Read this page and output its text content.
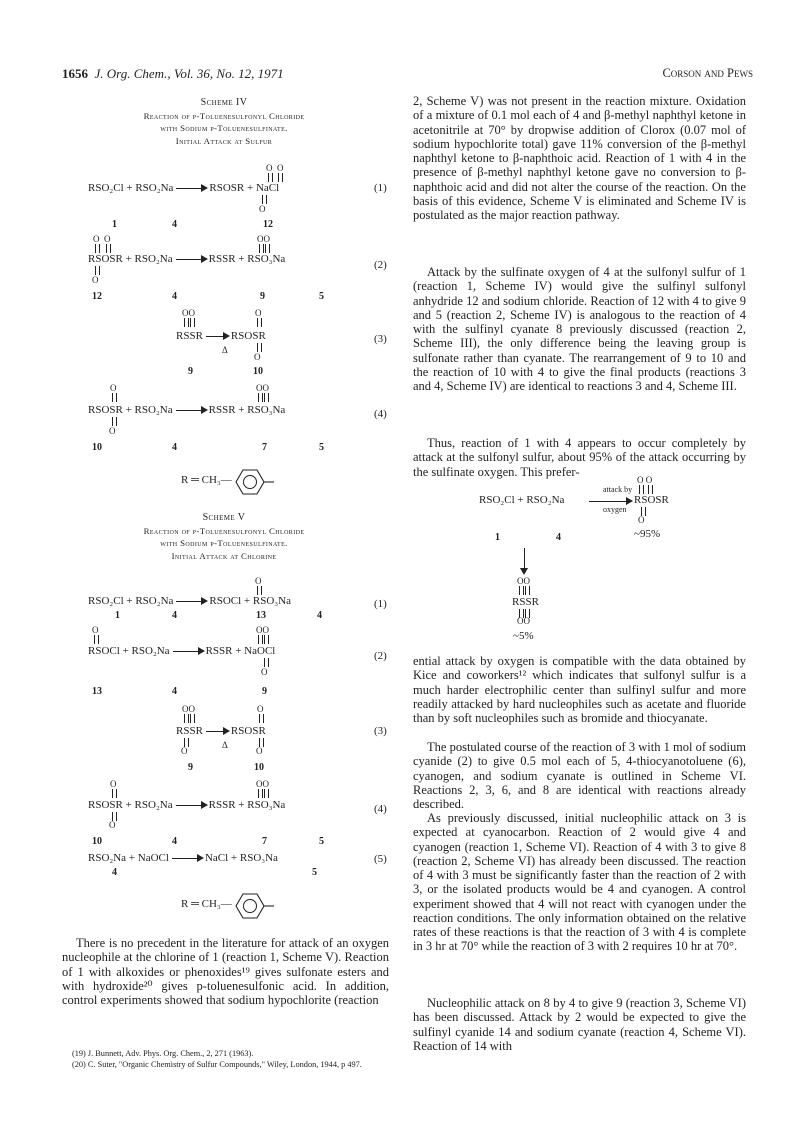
1656 J. Org. Chem., Vol. 36, No. 12, 1971	Corson and Pews
Scheme IV
Reaction of p-Toluenesulfonyl Chloride
with Sodium p-Toluenesulfinate.
Initial Attack at Sulfur
O  O
RSO₂Cl + RSO₂Na	RSOSR + NaCl
O
(1)
1	4	12
O  O	OO
RSOSR + RSO₂Na	RSSR + RSO₃Na
O
(2)
12	4	9	5
OO	O
RSSR	RSOSR
Δ
O
(3)
9	10
O	OO
RSOSR + RSO₂Na	RSSR + RSO₃Na
O
(4)
10	4	7	5
R ═ CH₃—
Scheme V
Reaction of p-Toluenesulfonyl Chloride
with Sodium p-Toluenesulfinate.
Initial Attack at Chlorine
O
RSO₂Cl + RSO₂Na	RSOCl + RSO₃Na	(1)
1	4	13	4
O	OO
RSOCl + RSO₂Na	RSSR + NaOCl
O
(2)
13	4	9
OO	O
RSSR	RSOSR
Δ
O	O
(3)
9	10
O	OO
RSOSR + RSO₂Na	RSSR + RSO₃Na
O
(4)
10	4	7	5
RSO₂Na + NaOCl	NaCl + RSO₃Na	(5)
4	5
R ═ CH₃—
There is no precedent in the literature for attack of an oxygen nucleophile at the chlorine of 1 (reaction 1, Scheme V). Reaction of 1 with alkoxides or phenoxides¹⁹ gives sulfonate esters and with hydroxide²⁰ gives p-toluenesulfonic acid. In addition, control experiments showed that sodium hypochlorite (reaction
(19) J. Bunnett, Adv. Phys. Org. Chem., 2, 271 (1963).
(20) C. Suter, "Organic Chemistry of Sulfur Compounds," Wiley, London, 1944, p 497.
2, Scheme V) was not present in the reaction mixture. Oxidation of a mixture of 0.1 mol each of 4 and β-methyl naphthyl ketone in acetonitrile at 70° by dropwise addition of Clorox (0.07 mol of sodium hypochlorite total) gave 11% conversion of the β-methyl naphthyl ketone to β-naphthoic acid. Reaction of 1 with 4 in the presence of β-methyl naphthyl ketone gave no conversion to β-naphthoic acid and did not alter the course of the reaction. On the basis of this evidence, Scheme V is eliminated and Scheme IV is postulated as the major reaction pathway.
Attack by the sulfinate oxygen of 4 at the sulfonyl sulfur of 1 (reaction 1, Scheme IV) would give the sulfinyl sulfonyl anhydride 12 and sodium chloride. Reaction of 12 with 4 to give 9 and 5 (reaction 2, Scheme IV) is analogous to the reaction of 4 with the sulfinyl cyanate 8 previously discussed (reaction 2, Scheme III), the only difference being the leaving group is sulfonate rather than cyanate. The rearrangement of 9 to 10 and the reaction of 10 with 4 to give the final products (reactions 3 and 4, Scheme IV) are identical to reactions 3 and 4, Scheme III.
Thus, reaction of 1 with 4 appears to occur completely by attack at the sulfonyl sulfur, about 95% of the attack occurring by the sulfinate oxygen. This prefer-
O O
attack by
RSO₂Cl + RSO₂Na
oxygen
RSOSR
O
~95%
1	4
OO
RSSR
OO
~5%
ential attack by oxygen is compatible with the data obtained by Kice and coworkers¹² which indicates that sulfonyl sulfur is a much harder electrophilic center than sulfinyl sulfur and more readily attacked by hard nucleophiles such as acetate and fluoride than by soft nucleophiles such as bromide and thiocyanate.
The postulated course of the reaction of 3 with 1 mol of sodium cyanide (2) to give 0.5 mol each of 5, 4-thiocyanotoluene (6), cyanogen, and sodium cyanate is outlined in Scheme VI. Reactions 2, 3, 6, and 8 are identical with reactions already described.
As previously discussed, initial nucleophilic attack on 3 is expected at cyanocarbon. Reaction of 2 would give 4 and cyanogen (reaction 1, Scheme VI). Reaction of 4 with 3 to give 8 (reaction 2, Scheme VI) has already been discussed. The reaction of 4 with 3 must be significantly faster than the reaction of 2 with 3, or the isolated products would be 4 and cyanogen. A control experiment showed that 4 will not react with cyanogen under the reaction conditions. The only information obtained on the relative rates of these reactions is that the reaction of 3 with 4 is complete in 3 hr at 70° while the reaction of 3 with 2 requires 10 hr at 70°.
Nucleophilic attack on 8 by 4 to give 9 (reaction 3, Scheme VI) has been discussed. Attack by 2 would be expected to give the sulfinyl cyanide 14 and sodium cyanate (reaction 4, Scheme VI). Reaction of 14 with
